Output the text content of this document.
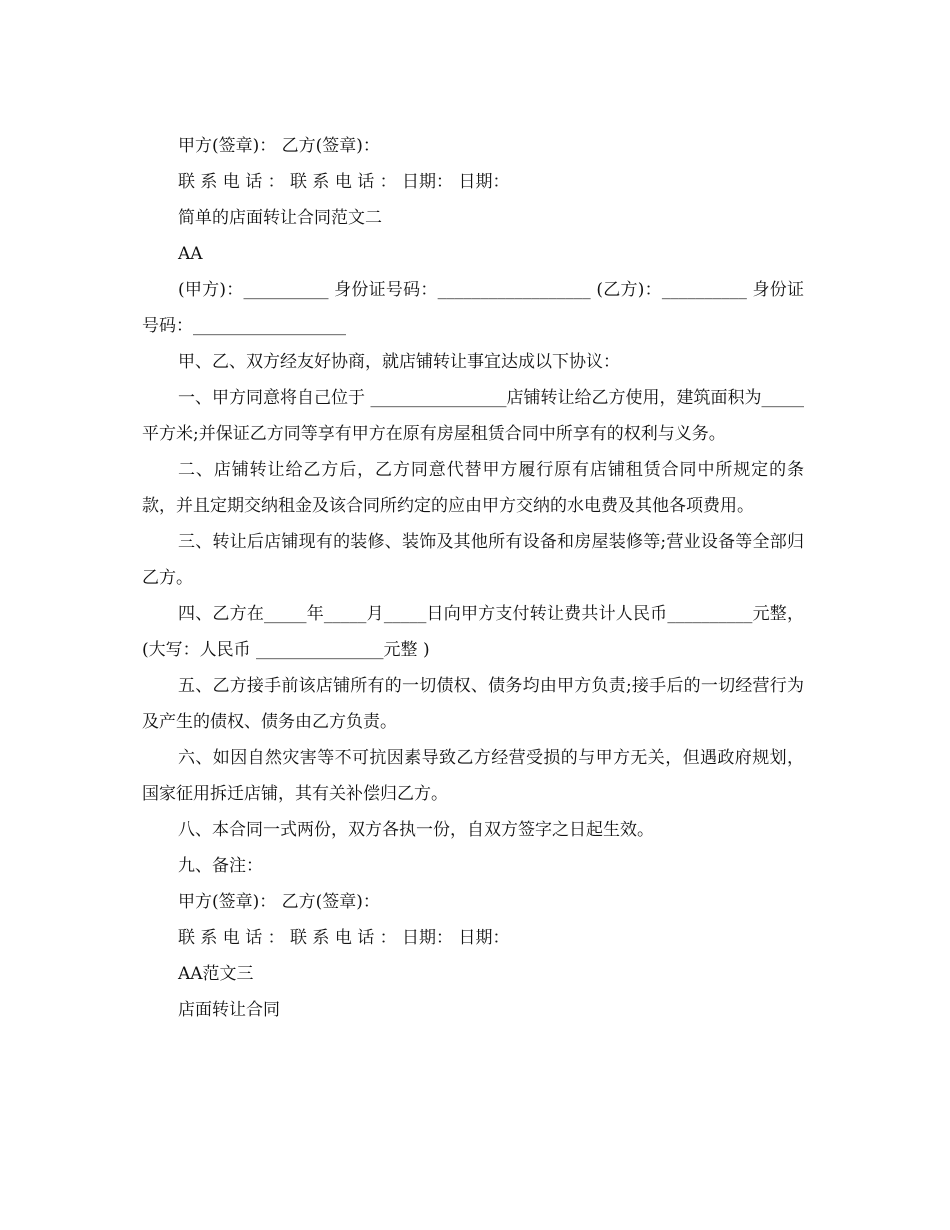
甲方(签章)： 乙方(签章)：

联 系 电 话 ： 联 系 电 话 ： 日期： 日期：

简单的店面转让合同范文二

AA

(甲方)：__________ 身份证号码：__________________ (乙方)：__________ 身份证号码：__________________

甲、乙、双方经友好协商，就店铺转让事宜达成以下协议：

一、甲方同意将自己位于 ________________店铺转让给乙方使用，建筑面积为_____平方米;并保证乙方同等享有甲方在原有房屋租赁合同中所享有的权利与义务。

二、店铺转让给乙方后，乙方同意代替甲方履行原有店铺租赁合同中所规定的条款，并且定期交纳租金及该合同所约定的应由甲方交纳的水电费及其他各项费用。

三、转让后店铺现有的装修、装饰及其他所有设备和房屋装修等;营业设备等全部归乙方。

四、乙方在_____年_____月_____日向甲方支付转让费共计人民币__________元整，(大写：人民币 _______________元整 )

五、乙方接手前该店铺所有的一切债权、债务均由甲方负责;接手后的一切经营行为及产生的债权、债务由乙方负责。

六、如因自然灾害等不可抗因素导致乙方经营受损的与甲方无关，但遇政府规划，国家征用拆迁店铺，其有关补偿归乙方。

八、本合同一式两份，双方各执一份，自双方签字之日起生效。

九、备注：

甲方(签章)： 乙方(签章)：

联 系 电 话 ： 联 系 电 话 ： 日期： 日期：

AA范文三

店面转让合同
